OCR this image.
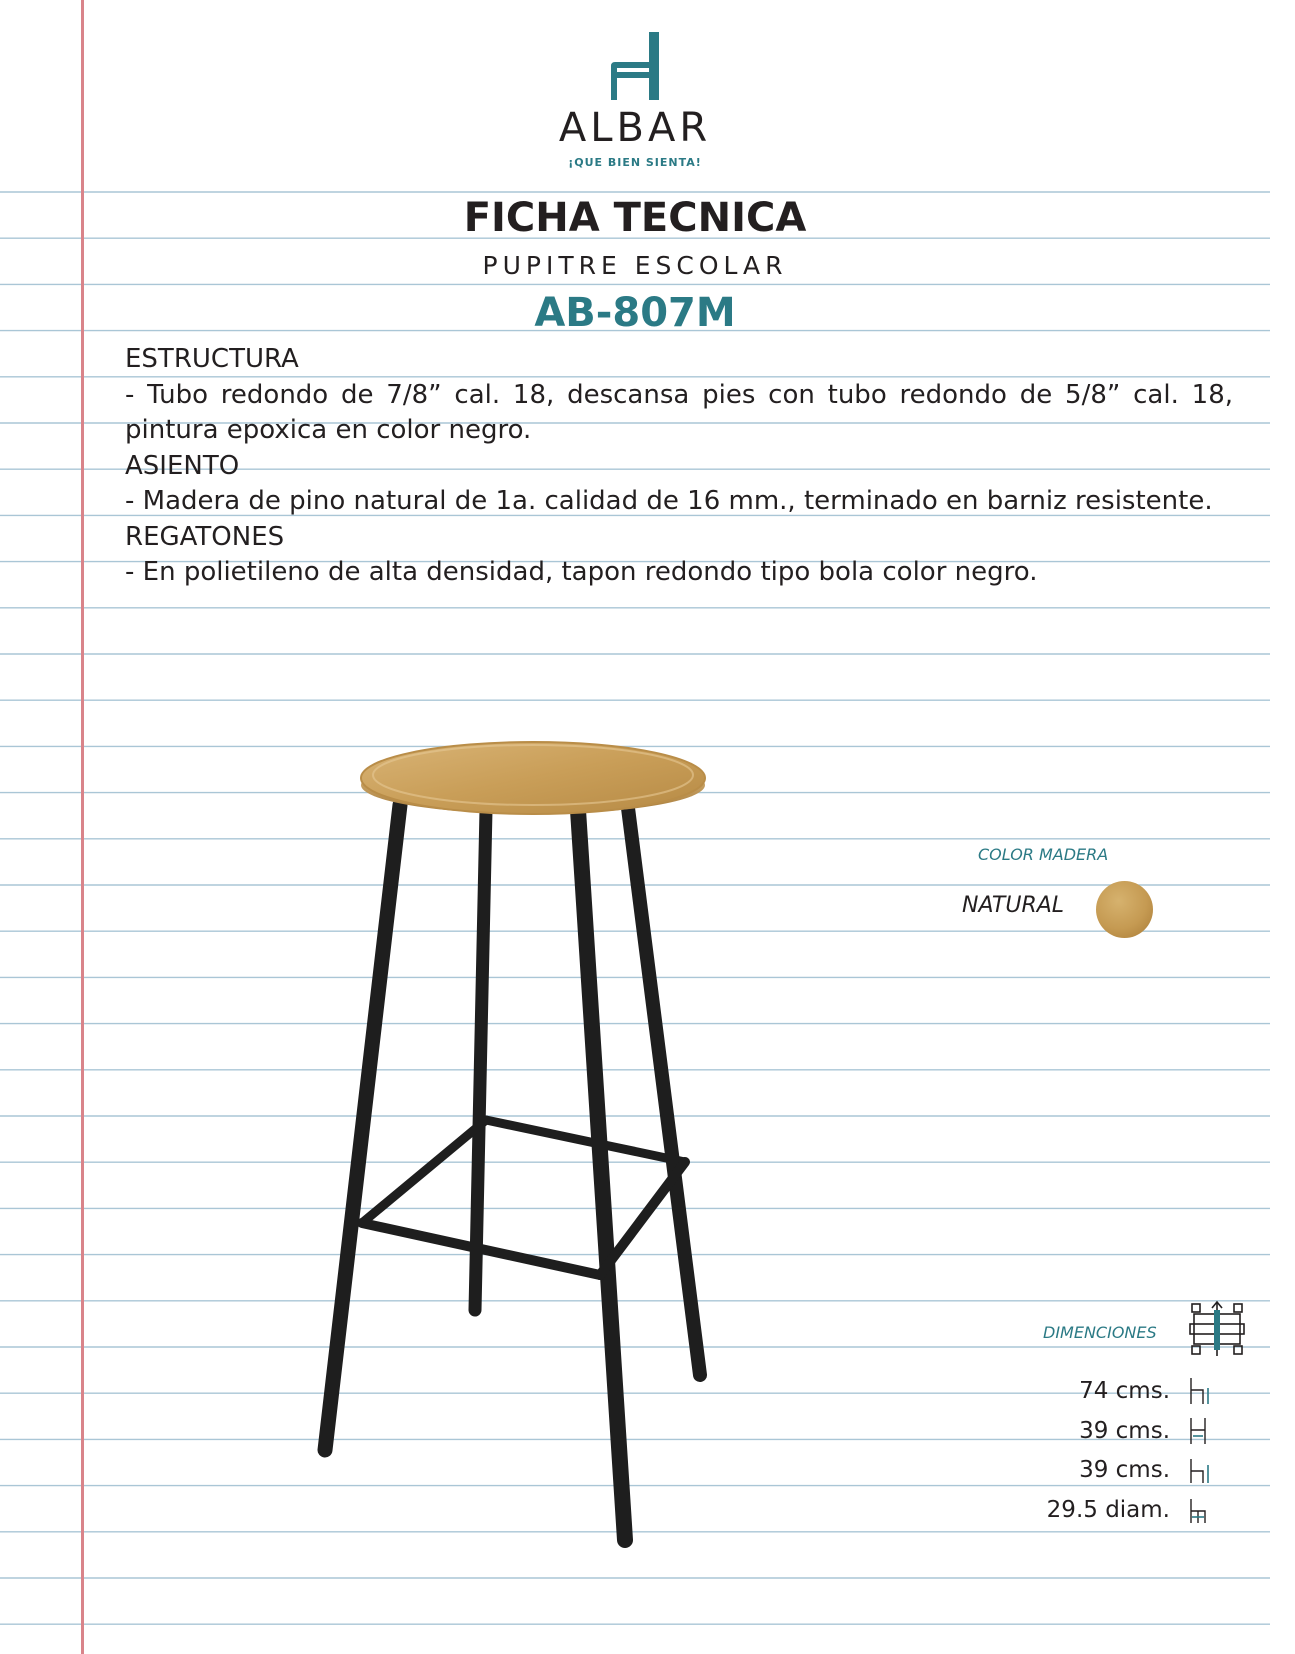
ALBAR
¡QUE BIEN SIENTA!
FICHA TECNICA
PUPITRE ESCOLAR
AB-807M

ESTRUCTURA

- Tubo redondo de 7/8” cal. 18, descansa pies con tubo redondo de 5/8” cal. 18, pintura epoxica en color negro.

ASIENTO

- Madera de pino natural de 1a. calidad de 16 mm., terminado en barniz resistente.

REGATONES

- En polietileno de alta densidad, tapon redondo tipo bola color negro.

COLOR MADERA
NATURAL
DIMENCIONES
74 cms.
39 cms.
39 cms.
29.5 diam.
